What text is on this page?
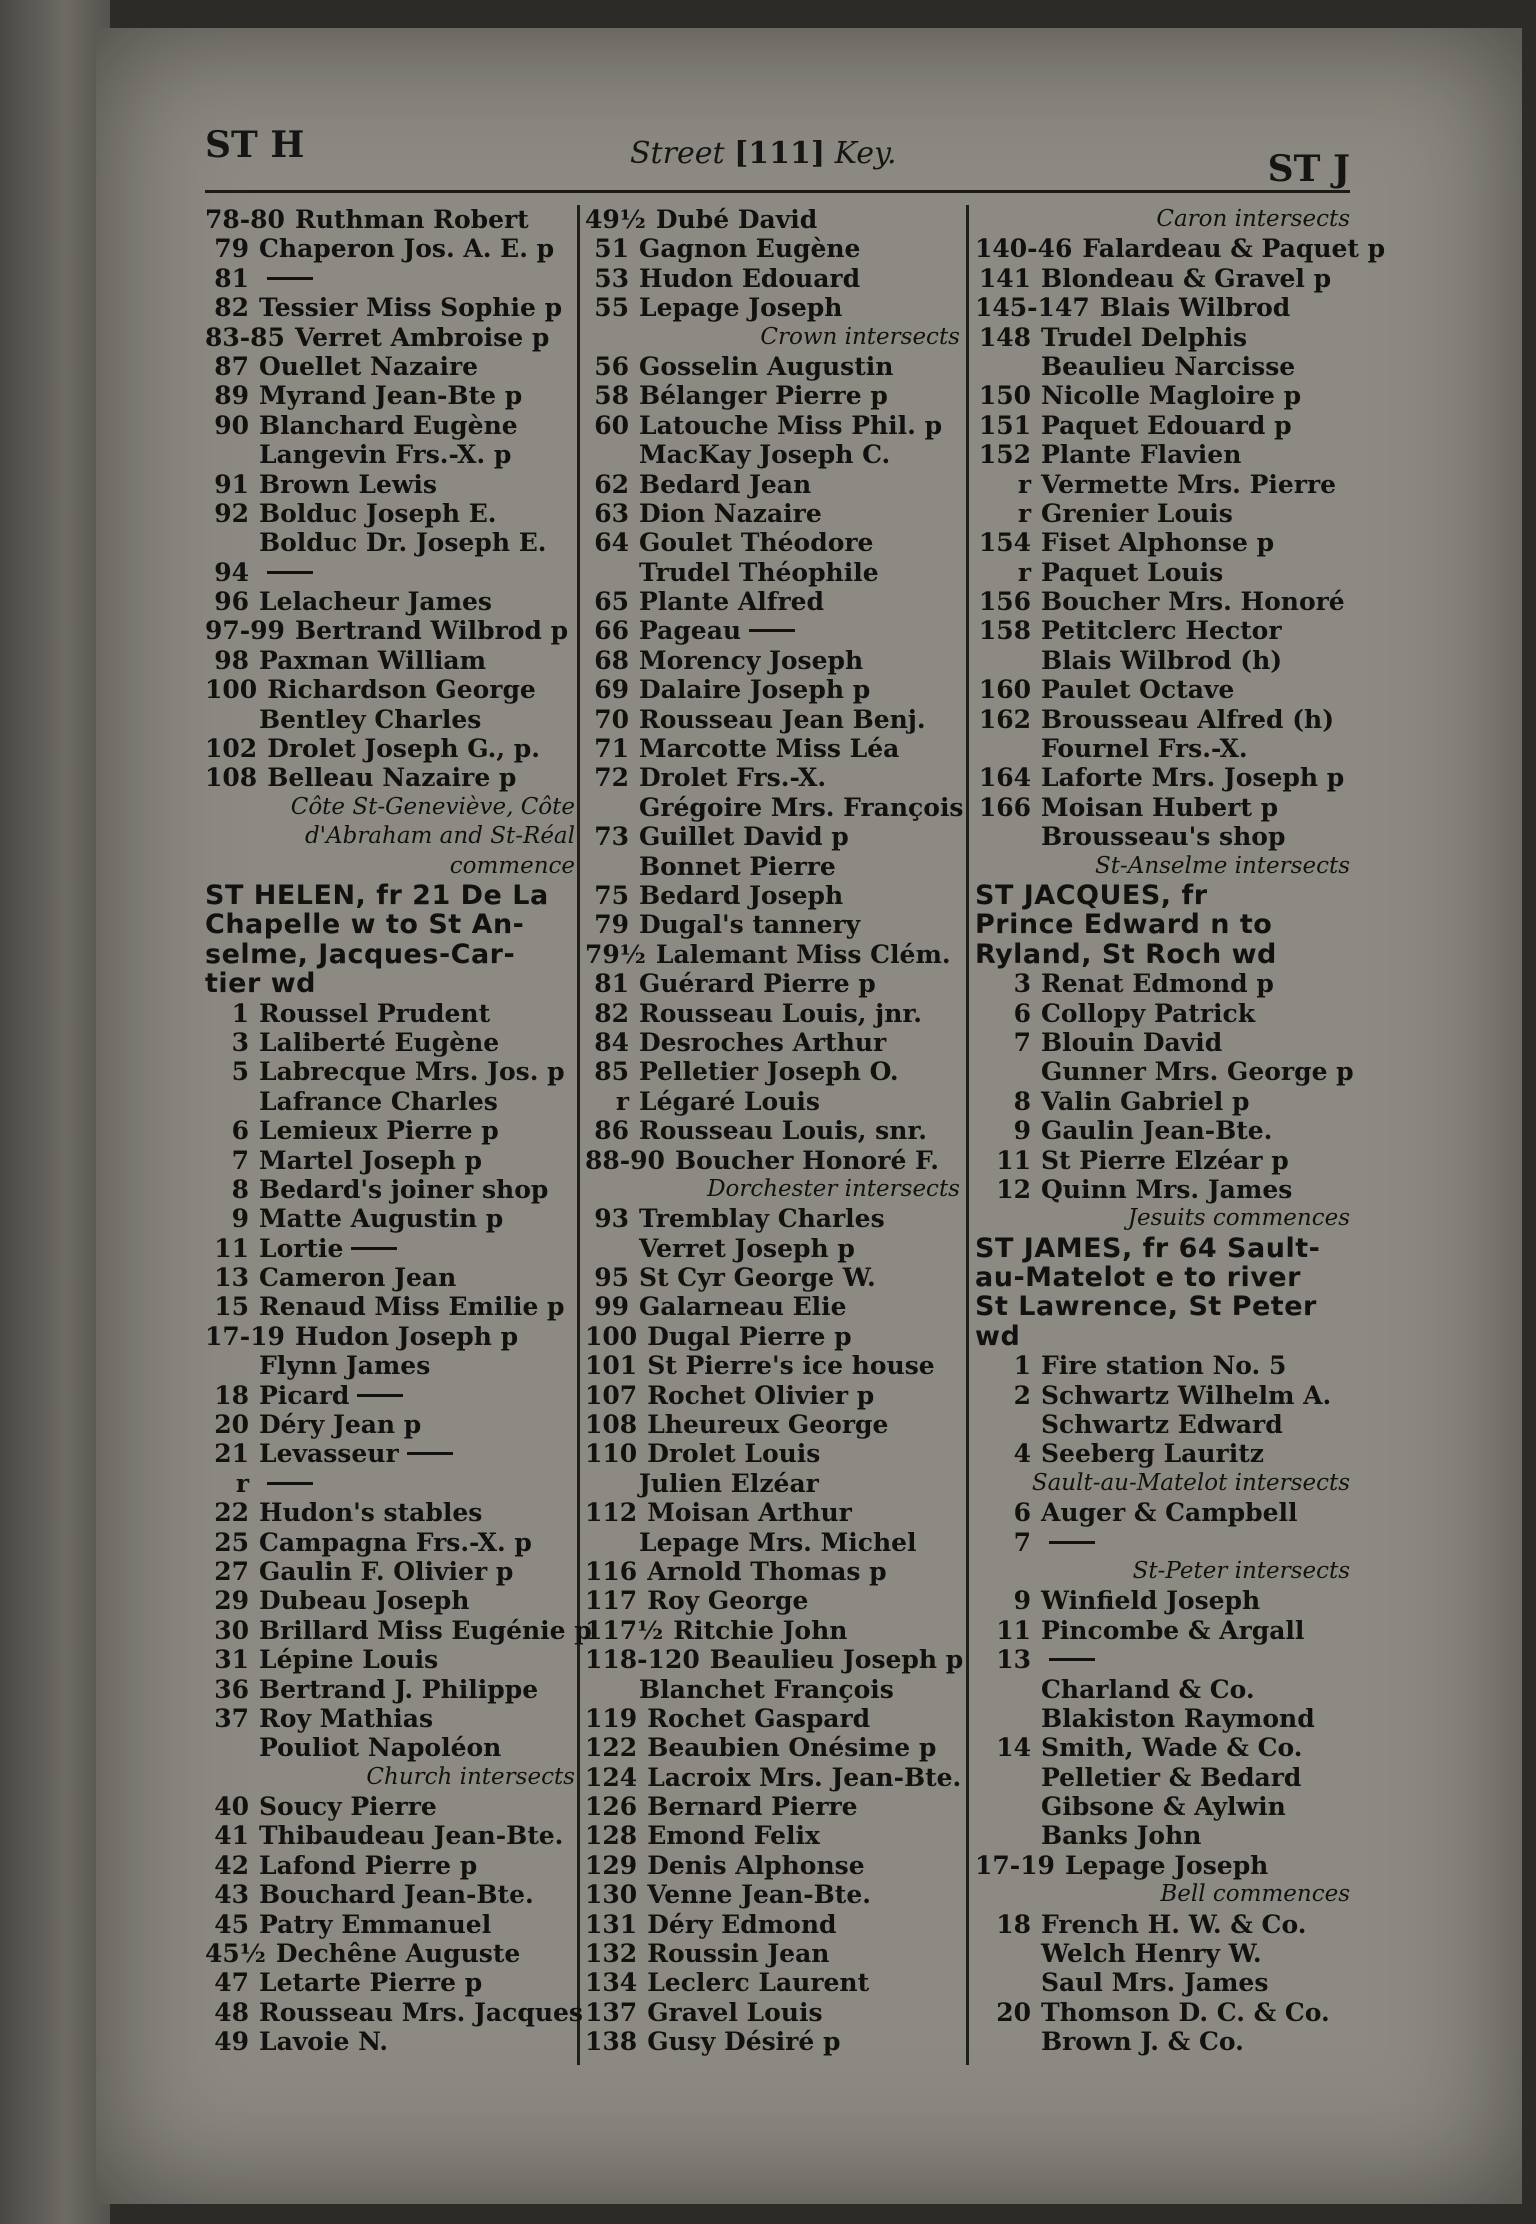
ST H	Street [111] Key.	ST J
78-80 Ruthman Robert
79 Chaperon Jos. A. E. p
81
82 Tessier Miss Sophie p
83-85 Verret Ambroise p
87 Ouellet Nazaire
89 Myrand Jean-Bte p
90 Blanchard Eugène
Langevin Frs.-X. p
91 Brown Lewis
92 Bolduc Joseph E.
Bolduc Dr. Joseph E.
94
96 Lelacheur James
97-99 Bertrand Wilbrod p
98 Paxman William
100 Richardson George
Bentley Charles
102 Drolet Joseph G., p.
108 Belleau Nazaire p
Côte St-Geneviève, Côte
d'Abraham and St-Réal
commence
ST HELEN, fr 21 De La
Chapelle w to St An-
selme, Jacques-Car-
tier wd
1 Roussel Prudent
3 Laliberté Eugène
5 Labrecque Mrs. Jos. p
Lafrance Charles
6 Lemieux Pierre p
7 Martel Joseph p
8 Bedard's joiner shop
9 Matte Augustin p
11 Lortie
13 Cameron Jean
15 Renaud Miss Emilie p
17-19 Hudon Joseph p
Flynn James
18 Picard
20 Déry Jean p
21 Levasseur
r
22 Hudon's stables
25 Campagna Frs.-X. p
27 Gaulin F. Olivier p
29 Dubeau Joseph
30 Brillard Miss Eugénie p
31 Lépine Louis
36 Bertrand J. Philippe
37 Roy Mathias
Pouliot Napoléon
Church intersects
40 Soucy Pierre
41 Thibaudeau Jean-Bte.
42 Lafond Pierre p
43 Bouchard Jean-Bte.
45 Patry Emmanuel
45½ Dechêne Auguste
47 Letarte Pierre p
48 Rousseau Mrs. Jacques
49 Lavoie N.
49½ Dubé David
51 Gagnon Eugène
53 Hudon Edouard
55 Lepage Joseph
Crown intersects
56 Gosselin Augustin
58 Bélanger Pierre p
60 Latouche Miss Phil. p
MacKay Joseph C.
62 Bedard Jean
63 Dion Nazaire
64 Goulet Théodore
Trudel Théophile
65 Plante Alfred
66 Pageau
68 Morency Joseph
69 Dalaire Joseph p
70 Rousseau Jean Benj.
71 Marcotte Miss Léa
72 Drolet Frs.-X.
Grégoire Mrs. François
73 Guillet David p
Bonnet Pierre
75 Bedard Joseph
79 Dugal's tannery
79½ Lalemant Miss Clém.
81 Guérard Pierre p
82 Rousseau Louis, jnr.
84 Desroches Arthur
85 Pelletier Joseph O.
r Légaré Louis
86 Rousseau Louis, snr.
88-90 Boucher Honoré F.
Dorchester intersects
93 Tremblay Charles
Verret Joseph p
95 St Cyr George W.
99 Galarneau Elie
100 Dugal Pierre p
101 St Pierre's ice house
107 Rochet Olivier p
108 Lheureux George
110 Drolet Louis
Julien Elzéar
112 Moisan Arthur
Lepage Mrs. Michel
116 Arnold Thomas p
117 Roy George
117½ Ritchie John
118-120 Beaulieu Joseph p
Blanchet François
119 Rochet Gaspard
122 Beaubien Onésime p
124 Lacroix Mrs. Jean-Bte.
126 Bernard Pierre
128 Emond Felix
129 Denis Alphonse
130 Venne Jean-Bte.
131 Déry Edmond
132 Roussin Jean
134 Leclerc Laurent
137 Gravel Louis
138 Gusy Désiré p
Caron intersects
140-46 Falardeau & Paquet p
141 Blondeau & Gravel p
145-147 Blais Wilbrod
148 Trudel Delphis
Beaulieu Narcisse
150 Nicolle Magloire p
151 Paquet Edouard p
152 Plante Flavien
r Vermette Mrs. Pierre
r Grenier Louis
154 Fiset Alphonse p
r Paquet Louis
156 Boucher Mrs. Honoré
158 Petitclerc Hector
Blais Wilbrod (h)
160 Paulet Octave
162 Brousseau Alfred (h)
Fournel Frs.-X.
164 Laforte Mrs. Joseph p
166 Moisan Hubert p
Brousseau's shop
St-Anselme intersects
ST JACQUES, fr
Prince Edward n to
Ryland, St Roch wd
3 Renat Edmond p
6 Collopy Patrick
7 Blouin David
Gunner Mrs. George p
8 Valin Gabriel p
9 Gaulin Jean-Bte.
11 St Pierre Elzéar p
12 Quinn Mrs. James
Jesuits commences
ST JAMES, fr 64 Sault-
au-Matelot e to river
St Lawrence, St Peter
wd
1 Fire station No. 5
2 Schwartz Wilhelm A.
Schwartz Edward
4 Seeberg Lauritz
Sault-au-Matelot intersects
6 Auger & Campbell
7
St-Peter intersects
9 Winfield Joseph
11 Pincombe & Argall
13
Charland & Co.
Blakiston Raymond
14 Smith, Wade & Co.
Pelletier & Bedard
Gibsone & Aylwin
Banks John
17-19 Lepage Joseph
Bell commences
18 French H. W. & Co.
Welch Henry W.
Saul Mrs. James
20 Thomson D. C. & Co.
Brown J. & Co.
